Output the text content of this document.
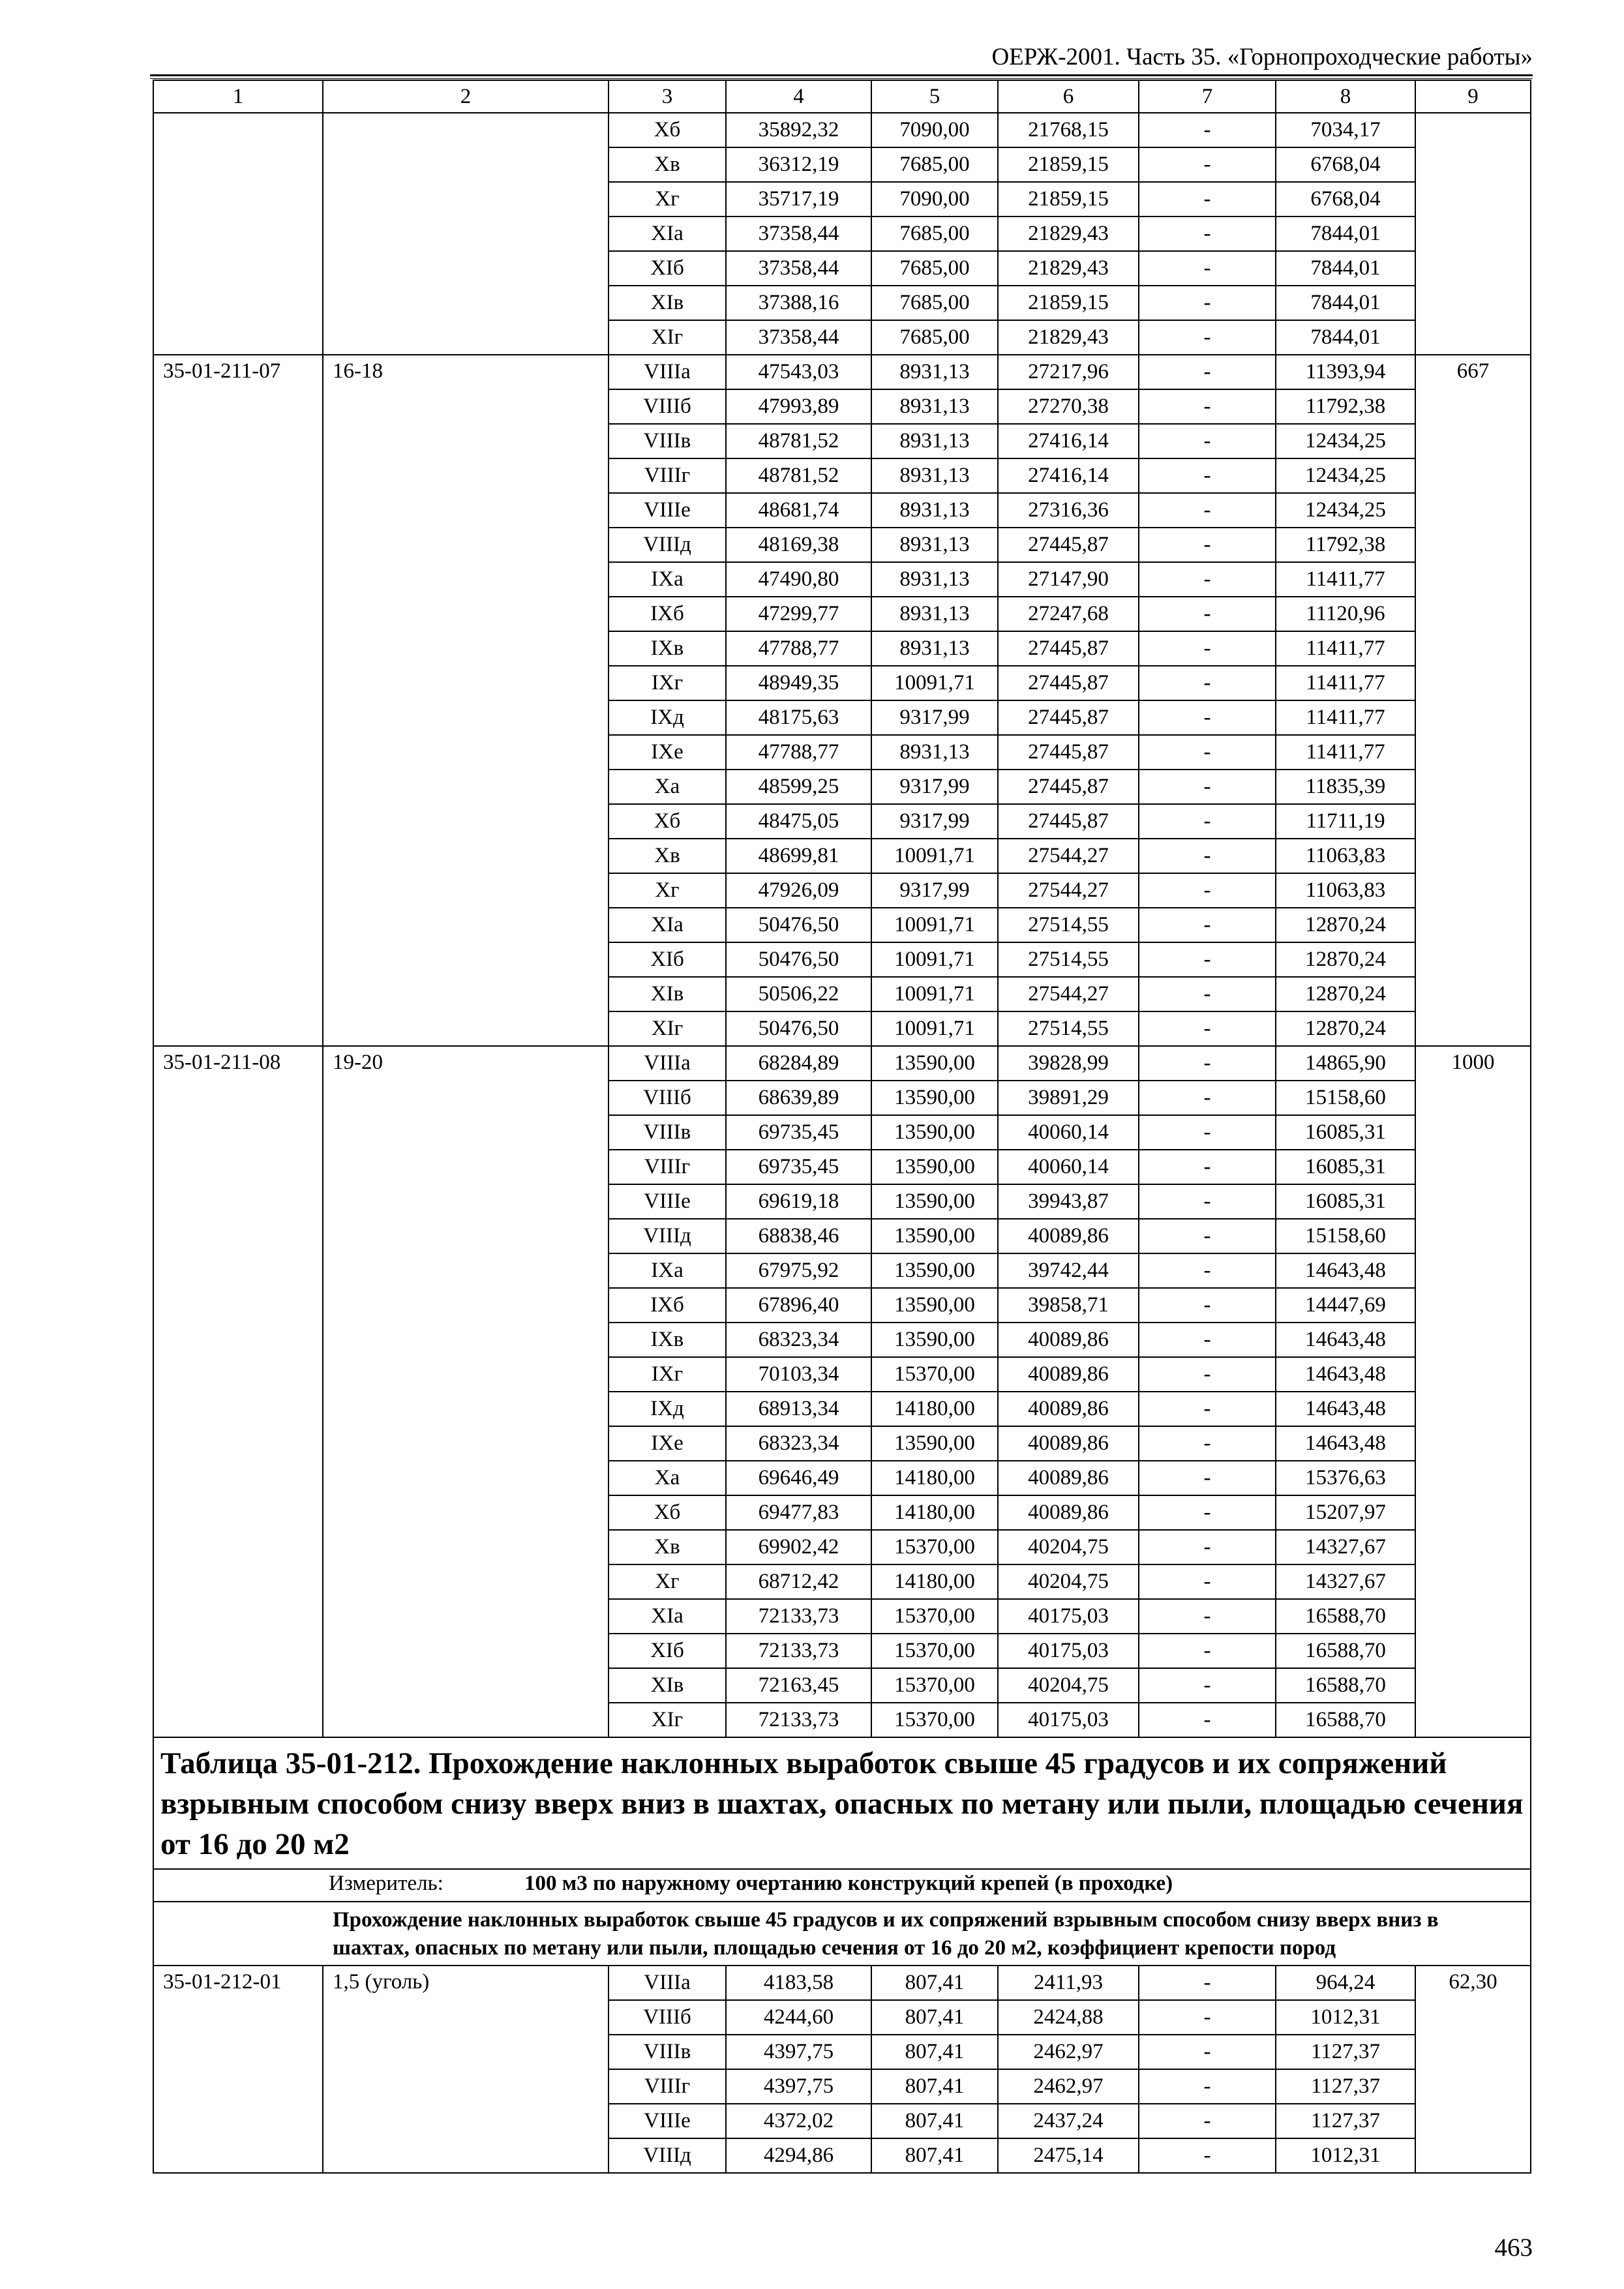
ОЕРЖ-2001. Часть 35. «Горнопроходческие работы»
1	2	3	4	5	6	7	8	9
		Xб	35892,32	7090,00	21768,15	-	7034,17	
		Xв	36312,19	7685,00	21859,15	-	6768,04	
		Xг	35717,19	7090,00	21859,15	-	6768,04	
		XIа	37358,44	7685,00	21829,43	-	7844,01	
		XIб	37358,44	7685,00	21829,43	-	7844,01	
		XIв	37388,16	7685,00	21859,15	-	7844,01	
		XIг	37358,44	7685,00	21829,43	-	7844,01	
35-01-211-07	16-18	VIIIа	47543,03	8931,13	27217,96	-	11393,94	667
		VIIIб	47993,89	8931,13	27270,38	-	11792,38	
		VIIIв	48781,52	8931,13	27416,14	-	12434,25	
		VIIIг	48781,52	8931,13	27416,14	-	12434,25	
		VIIIе	48681,74	8931,13	27316,36	-	12434,25	
		VIIIд	48169,38	8931,13	27445,87	-	11792,38	
		IXа	47490,80	8931,13	27147,90	-	11411,77	
		IXб	47299,77	8931,13	27247,68	-	11120,96	
		IXв	47788,77	8931,13	27445,87	-	11411,77	
		IXг	48949,35	10091,71	27445,87	-	11411,77	
		IXд	48175,63	9317,99	27445,87	-	11411,77	
		IXе	47788,77	8931,13	27445,87	-	11411,77	
		Xа	48599,25	9317,99	27445,87	-	11835,39	
		Xб	48475,05	9317,99	27445,87	-	11711,19	
		Xв	48699,81	10091,71	27544,27	-	11063,83	
		Xг	47926,09	9317,99	27544,27	-	11063,83	
		XIа	50476,50	10091,71	27514,55	-	12870,24	
		XIб	50476,50	10091,71	27514,55	-	12870,24	
		XIв	50506,22	10091,71	27544,27	-	12870,24	
		XIг	50476,50	10091,71	27514,55	-	12870,24	
35-01-211-08	19-20	VIIIа	68284,89	13590,00	39828,99	-	14865,90	1000
		VIIIб	68639,89	13590,00	39891,29	-	15158,60	
		VIIIв	69735,45	13590,00	40060,14	-	16085,31	
		VIIIг	69735,45	13590,00	40060,14	-	16085,31	
		VIIIе	69619,18	13590,00	39943,87	-	16085,31	
		VIIIд	68838,46	13590,00	40089,86	-	15158,60	
		IXа	67975,92	13590,00	39742,44	-	14643,48	
		IXб	67896,40	13590,00	39858,71	-	14447,69	
		IXв	68323,34	13590,00	40089,86	-	14643,48	
		IXг	70103,34	15370,00	40089,86	-	14643,48	
		IXд	68913,34	14180,00	40089,86	-	14643,48	
		IXе	68323,34	13590,00	40089,86	-	14643,48	
		Xа	69646,49	14180,00	40089,86	-	15376,63	
		Xб	69477,83	14180,00	40089,86	-	15207,97	
		Xв	69902,42	15370,00	40204,75	-	14327,67	
		Xг	68712,42	14180,00	40204,75	-	14327,67	
		XIа	72133,73	15370,00	40175,03	-	16588,70	
		XIб	72133,73	15370,00	40175,03	-	16588,70	
		XIв	72163,45	15370,00	40204,75	-	16588,70	
		XIг	72133,73	15370,00	40175,03	-	16588,70	
Таблица 35-01-212. Прохождение наклонных выработок свыше 45 градусов и их сопряжений взрывным способом снизу вверх вниз в шахтах, опасных по метану или пыли, площадью сечения от 16 до 20 м2								

Измеритель: 100 м3 по наружному очертанию конструкций крепей (в проходке)								

Прохождение наклонных выработок свыше 45 градусов и их сопряжений взрывным способом снизу вверх вниз в шахтах, опасных по метану или пыли, площадью сечения от 16 до 20 м2, коэффициент крепости пород								
35-01-212-01	1,5 (уголь)	VIIIа	4183,58	807,41	2411,93	-	964,24	62,30
		VIIIб	4244,60	807,41	2424,88	-	1012,31	
		VIIIв	4397,75	807,41	2462,97	-	1127,37	
		VIIIг	4397,75	807,41	2462,97	-	1127,37	
		VIIIе	4372,02	807,41	2437,24	-	1127,37	
		VIIIд	4294,86	807,41	2475,14	-	1012,31	
463
